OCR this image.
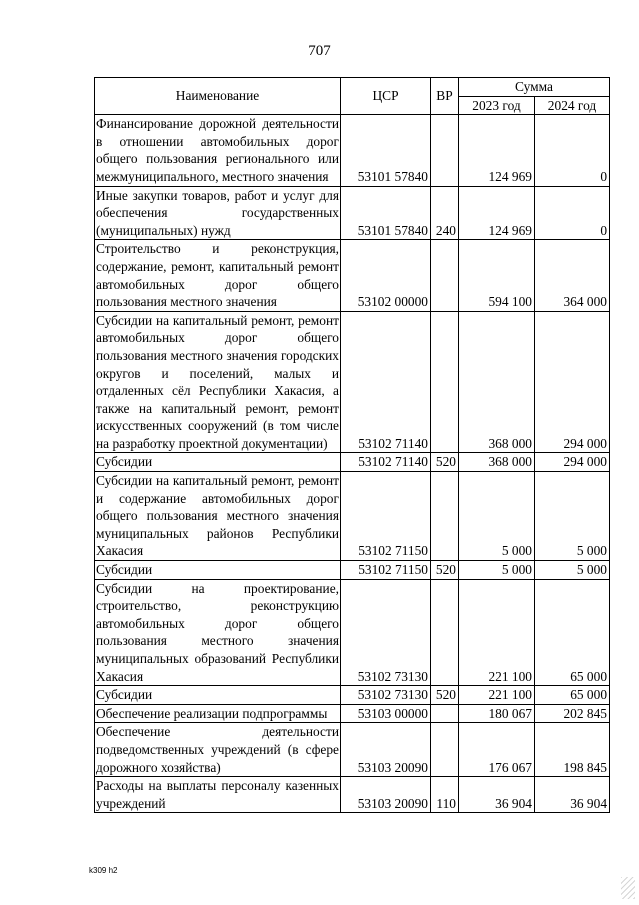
707
Наименование	ЦСР	ВР	Сумма	
			2023 год	2024 год
Финансирование дорожной деятельности в отношении автомобильных дорог общего пользования регионального или межмуниципального, местного значения	53101 57840		124 969	0
Иные закупки товаров, работ и услуг для обеспечения государственных (муниципальных) нужд	53101 57840	240	124 969	0
Строительство и реконструкция, содержание, ремонт, капитальный ремонт автомобильных дорог общего пользования местного значения	53102 00000		594 100	364 000
Субсидии на капитальный ремонт, ремонт автомобильных дорог общего пользования местного значения городских округов и поселений, малых и отдаленных сёл Республики Хакасия, а также на капитальный ремонт, ремонт искусственных сооружений (в том числе на разработку проектной документации)	53102 71140		368 000	294 000
Субсидии	53102 71140	520	368 000	294 000
Субсидии на капитальный ремонт, ремонт и содержание автомобильных дорог общего пользования местного значения муниципальных районов Республики Хакасия	53102 71150		5 000	5 000
Субсидии	53102 71150	520	5 000	5 000
Субсидии на проектирование, строительство, реконструкцию автомобильных дорог общего пользования местного значения муниципальных образований Республики Хакасия	53102 73130		221 100	65 000
Субсидии	53102 73130	520	221 100	65 000
Обеспечение реализации подпрограммы	53103 00000		180 067	202 845
Обеспечение деятельности подведомственных учреждений (в сфере дорожного хозяйства)	53103 20090		176 067	198 845
Расходы на выплаты персоналу казенных учреждений	53103 20090	110	36 904	36 904
k309 h2
